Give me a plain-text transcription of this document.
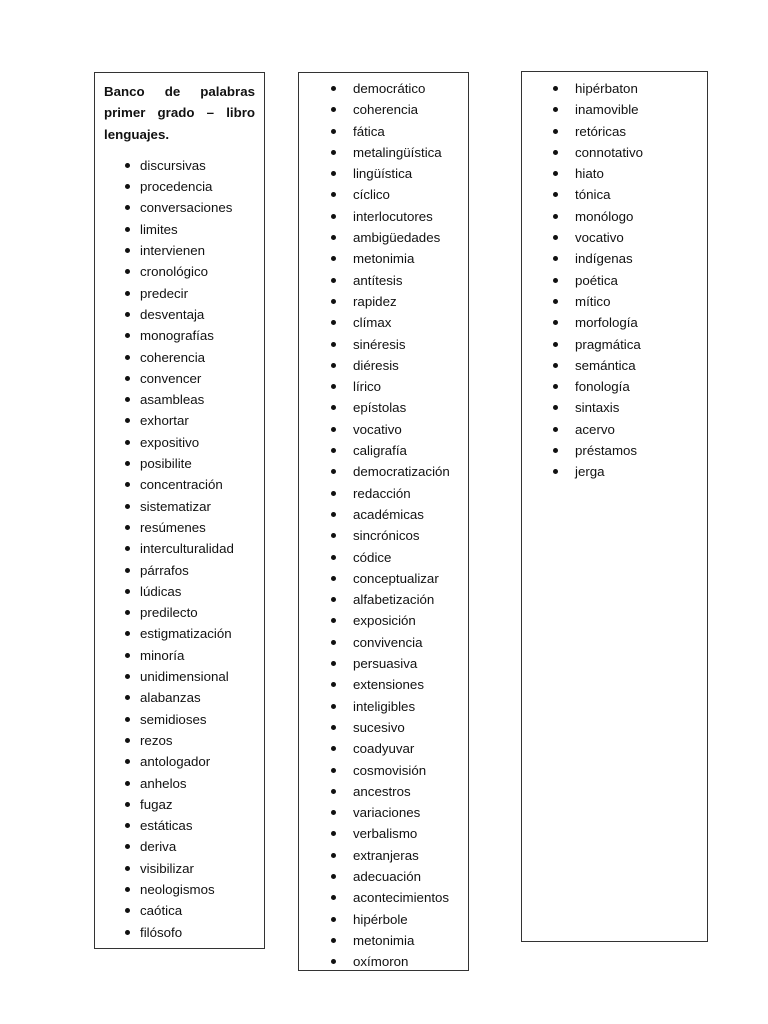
Banco de palabras primer grado – libro lenguajes.
discursivas
procedencia
conversaciones
limites
intervienen
cronológico
predecir
desventaja
monografías
coherencia
convencer
asambleas
exhortar
expositivo
posibilite
concentración
sistematizar
resúmenes
interculturalidad
párrafos
lúdicas
predilecto
estigmatización
minoría
unidimensional
alabanzas
semidioses
rezos
antologador
anhelos
fugaz
estáticas
deriva
visibilizar
neologismos
caótica
filósofo
democrático
coherencia
fática
metalingüística
lingüística
cíclico
interlocutores
ambigüedades
metonimia
antítesis
rapidez
clímax
sinéresis
diéresis
lírico
epístolas
vocativo
caligrafía
democratización
redacción
académicas
sincrónicos
códice
conceptualizar
alfabetización
exposición
convivencia
persuasiva
extensiones
inteligibles
sucesivo
coadyuvar
cosmovisión
ancestros
variaciones
verbalismo
extranjeras
adecuación
acontecimientos
hipérbole
metonimia
oxímoron
hipérbaton
inamovible
retóricas
connotativo
hiato
tónica
monólogo
vocativo
indígenas
poética
mítico
morfología
pragmática
semántica
fonología
sintaxis
acervo
préstamos
jerga
